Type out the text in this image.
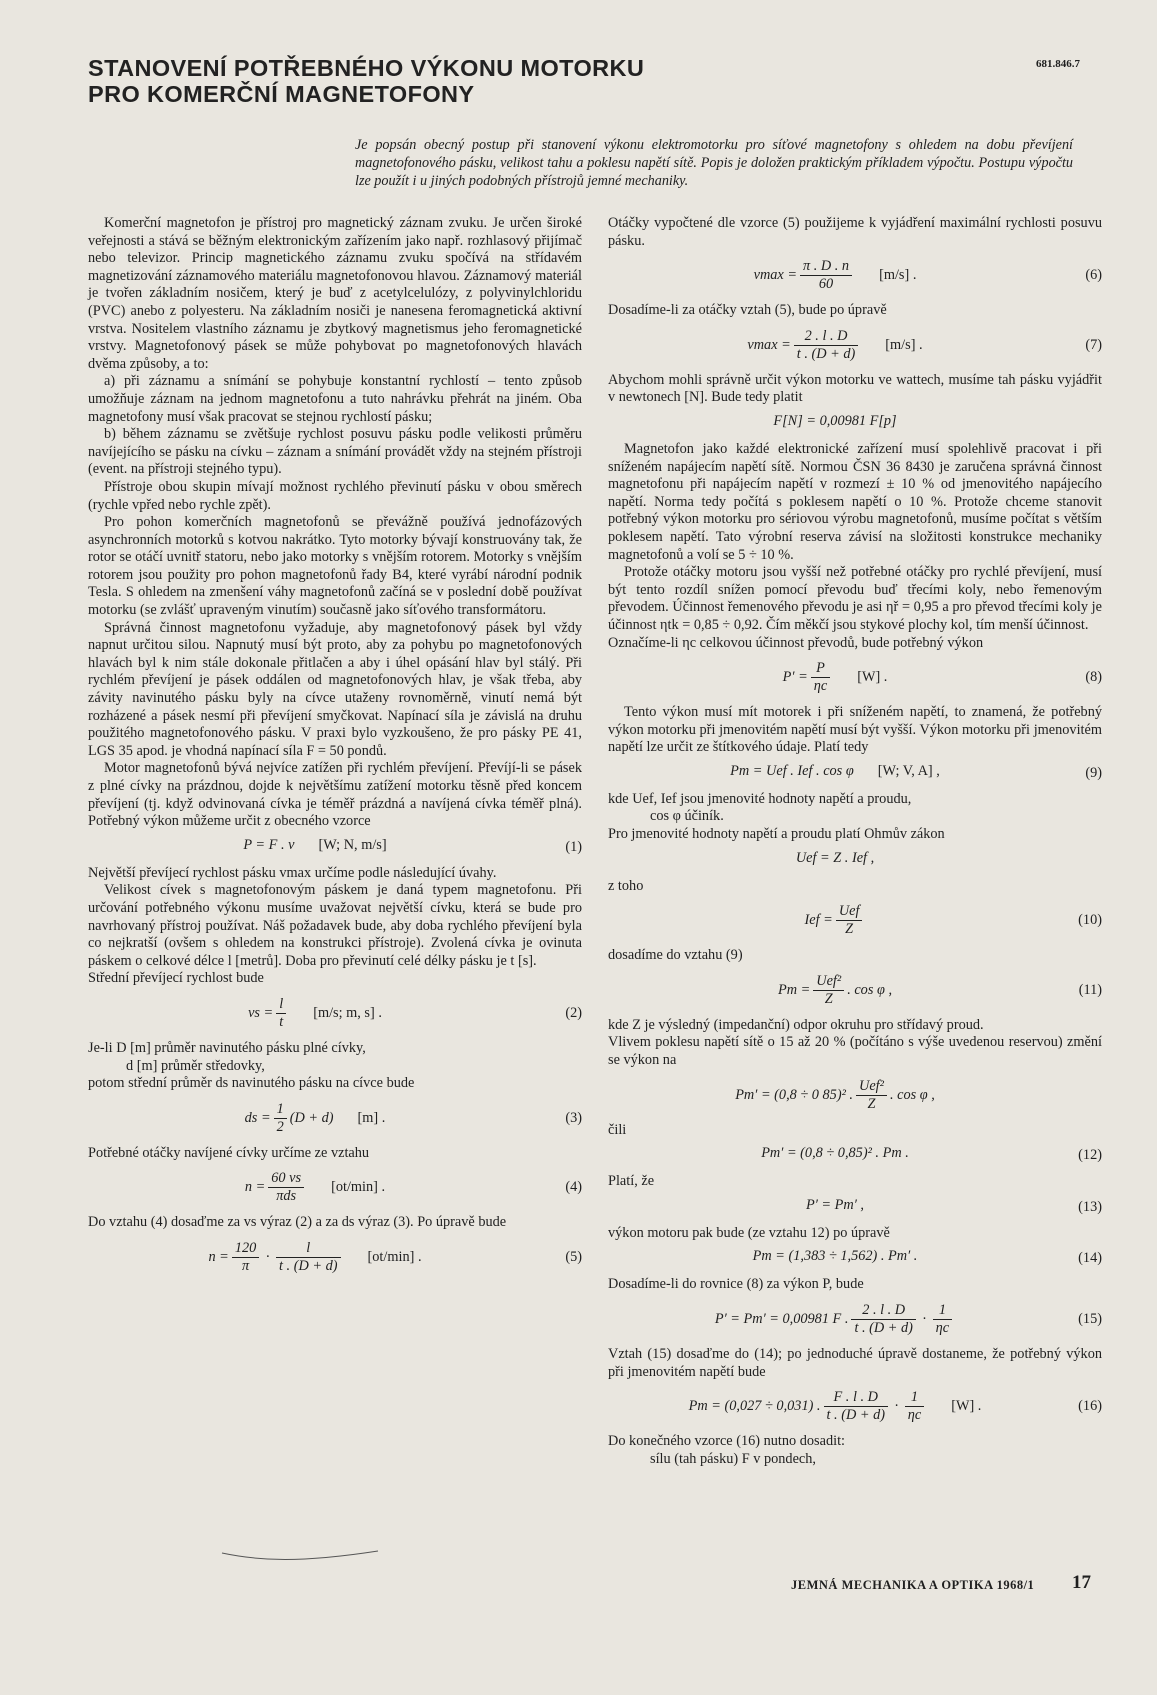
STANOVENÍ POTŘEBNÉHO VÝKONU MOTORKU
PRO KOMERČNÍ MAGNETOFONY
681.846.7
Je popsán obecný postup při stanovení výkonu elektromotorku pro síťové magnetofony s ohledem na dobu převíjení magnetofonového pásku, velikost tahu a poklesu napětí sítě. Popis je doložen praktickým příkladem výpočtu. Postupu výpočtu lze použít i u jiných podobných přístrojů jemné mechaniky.

Komerční magnetofon je přístroj pro magnetický záznam zvuku. Je určen široké veřejnosti a stává se běžným elektronickým zařízením jako např. rozhlasový přijímač nebo televizor. Princip magnetického záznamu zvuku spočívá na střídavém magnetizování záznamového materiálu magnetofonovou hlavou. Záznamový materiál je tvořen základním nosičem, který je buď z acetylcelulózy, z polyvinylchloridu (PVC) anebo z polyesteru. Na základním nosiči je nanesena feromagnetická aktivní vrstva. Nositelem vlastního záznamu je zbytkový magnetismus jeho feromagnetické vrstvy. Magnetofonový pásek se může pohybovat po magnetofonových hlavách dvěma způsoby, a to:

a) při záznamu a snímání se pohybuje konstantní rychlostí – tento způsob umožňuje záznam na jednom magnetofonu a tuto nahrávku přehrát na jiném. Oba magnetofony musí však pracovat se stejnou rychlostí pásku;

b) během záznamu se zvětšuje rychlost posuvu pásku podle velikosti průměru navíjejícího se pásku na cívku – záznam a snímání provádět vždy na stejném přístroji (event. na přístroji stejného typu).

Přístroje obou skupin mívají možnost rychlého převinutí pásku v obou směrech (rychle vpřed nebo rychle zpět).

Pro pohon komerčních magnetofonů se převážně používá jednofázových asynchronních motorků s kotvou nakrátko. Tyto motorky bývají konstruovány tak, že rotor se otáčí uvnitř statoru, nebo jako motorky s vnějším rotorem. Motorky s vnějším rotorem jsou použity pro pohon magnetofonů řady B4, které vyrábí národní podnik Tesla. S ohledem na zmenšení váhy magnetofonů začíná se v poslední době používat motorku (se zvlášť upraveným vinutím) současně jako síťového transformátoru.

Správná činnost magnetofonu vyžaduje, aby magnetofonový pásek byl vždy napnut určitou silou. Napnutý musí být proto, aby za pohybu po magnetofonových hlavách byl k nim stále dokonale přitlačen a aby i úhel opásání hlav byl stálý. Při rychlém převíjení je pásek oddálen od magnetofonových hlav, je však třeba, aby závity navinutého pásku byly na cívce utaženy rovnoměrně, vinutí nemá být rozházené a pásek nesmí při převíjení smyčkovat. Napínací síla je závislá na druhu použitého magnetofonového pásku. V praxi bylo vyzkoušeno, že pro pásky PE 41, LGS 35 apod. je vhodná napínací síla F = 50 pondů.

Motor magnetofonů bývá nejvíce zatížen při rychlém převíjení. Převíjí-li se pásek z plné cívky na prázdnou, dojde k největšímu zatížení motorku těsně před koncem převíjení (tj. když odvinovaná cívka je téměř prázdná a navíjená cívka téměř plná). Potřebný výkon můžeme určit z obecného vzorce

P = F . v [W; N, m/s]	(1)

Největší převíjecí rychlost pásku vmax určíme podle následující úvahy.

Velikost cívek s magnetofonovým páskem je daná typem magnetofonu. Při určování potřebného výkonu musíme uvažovat největší cívku, která se bude pro navrhovaný přístroj používat. Náš požadavek bude, aby doba rychlého převíjení byla co nejkratší (ovšem s ohledem na konstrukci přístroje). Zvolená cívka je ovinuta páskem o celkové délce l [metrů]. Doba pro převinutí celé délky pásku je t [s].

Střední převíjecí rychlost bude

vs = $\frac{l}{t} [m/s$; m, s] .	(2)

Je-li D [m] průměr navinutého pásku plné cívky,

d [m] průměr středovky,

potom střední průměr ds navinutého pásku na cívce bude

ds = $\frac{1}{2} (D + d)$ [m] .	(3)

Potřebné otáčky navíjené cívky určíme ze vztahu

$n = \frac{60 vs}{\text{πds}} [ot/\min]$ .	(4)

Do vztahu (4) dosaďme za vs výraz (2) a za ds výraz (3). Po úpravě bude

$n = \frac{120}{\pi} \cdot \frac{l}{t . (D + d)} [ot/\min]$ .	(5)

Otáčky vypočtené dle vzorce (5) použijeme k vyjádření maximální rychlosti posuvu pásku.

$vmax = \frac{\pi . D . n}{60} [m/s]$ .	(6)

Dosadíme-li za otáčky vztah (5), bude po úpravě

$vmax = \frac{2 . l . D}{t . (D + d)} [m/s]$ .	(7)

Abychom mohli správně určit výkon motorku ve wattech, musíme tah pásku vyjádřit v newtonech [N]. Bude tedy platit

F[N] = 0,00981 F[p]

Magnetofon jako každé elektronické zařízení musí spolehlivě pracovat i při sníženém napájecím napětí sítě. Normou ČSN 36 8430 je zaručena správná činnost magnetofonu při napájecím napětí v rozmezí ± 10 % od jmenovitého napájecího napětí. Norma tedy počítá s poklesem napětí o 10 %. Protože chceme stanovit potřebný výkon motorku pro sériovou výrobu magnetofonů, musíme počítat s větším poklesem napětí. Tato výrobní reserva závisí na složitosti konstrukce mechaniky magnetofonů a volí se 5 ÷ 10 %.

Protože otáčky motoru jsou vyšší než potřebné otáčky pro rychlé převíjení, musí být tento rozdíl snížen pomocí převodu buď třecími koly, nebo řemenovým převodem. Účinnost řemenového převodu je asi ηř = 0,95 a pro převod třecími koly je účinnost ηtk = 0,85 ÷ 0,92. Čím měkčí jsou stykové plochy kol, tím menší účinnost.

Označíme-li ηc celkovou účinnost převodů, bude potřebný výkon

$P' = \frac{P}{\eta c} [W]$ .	(8)

Tento výkon musí mít motorek i při sníženém napětí, to znamená, že potřebný výkon motorku při jmenovitém napětí musí být vyšší. Výkon motorku při jmenovitém napětí lze určit ze štítkového údaje. Platí tedy

Pm = Uef . Ief . cos φ [W; V, A] ,	(9)

kde Uef, Ief jsou jmenovité hodnoty napětí a proudu,

cos φ účiník.

Pro jmenovité hodnoty napětí a proudu platí Ohmův zákon

Uef = Z . Ief ,

z toho

Ief = $\frac{\text{Uef}}{Z}$	(10)

dosadíme do vztahu (9)

$Pm = \frac{\text{Uef²}}{Z}$ . cos φ ,	(11)

kde Z je výsledný (impedanční) odpor okruhu pro střídavý proud.

Vlivem poklesu napětí sítě o 15 až 20 % (počítáno s výše uvedenou reservou) změní se výkon na

Pm′ = (0,8 ÷ 0 85)² . $\frac{\text{Uef²}}{Z}$ . cos φ ,

čili

Pm′ = (0,8 ÷ 0,85)² . Pm .	(12)

Platí, že

P′ = Pm′ ,	(13)

výkon motoru pak bude (ze vztahu 12) po úpravě

Pm = (1,383 ÷ 1,562) . Pm′ .	(14)

Dosadíme-li do rovnice (8) za výkon P, bude

P′ = Pm′ = 0,00981 F . $\frac{2 . l . D}{t . (D + d)} \cdot \frac{1}{\eta c}$	(15)

Vztah (15) dosaďme do (14); po jednoduché úpravě dostaneme, že potřebný výkon při jmenovitém napětí bude

Pm = (0,027 ÷ 0,031) . $\frac{F . l . D}{t . (D + d)} \cdot \frac{1}{\eta c} [W]$ .	(16)

Do konečného vzorce (16) nutno dosadit:

sílu (tah pásku) F v pondech,

JEMNÁ MECHANIKA A OPTIKA 1968/1 17
